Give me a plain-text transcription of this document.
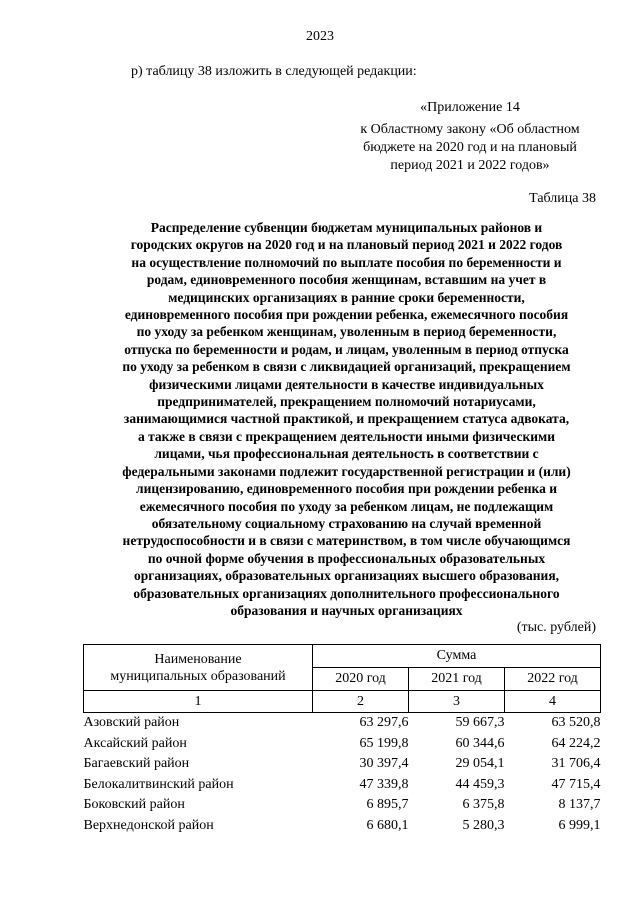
2023
р) таблицу 38 изложить в следующей редакции:
«Приложение 14
к Областному закону «Об областном
бюджете на 2020 год и на плановый
период 2021 и 2022 годов»
Таблица 38
Распределение субвенции бюджетам муниципальных районов и
городских округов на 2020 год и на плановый период 2021 и 2022 годов
на осуществление полномочий по выплате пособия по беременности и
родам, единовременного пособия женщинам, вставшим на учет в
медицинских организациях в ранние сроки беременности,
единовременного пособия при рождении ребенка, ежемесячного пособия
по уходу за ребенком женщинам, уволенным в период беременности,
отпуска по беременности и родам, и лицам, уволенным в период отпуска
по уходу за ребенком в связи с ликвидацией организаций, прекращением
физическими лицами деятельности в качестве индивидуальных
предпринимателей, прекращением полномочий нотариусами,
занимающимися частной практикой, и прекращением статуса адвоката,
а также в связи с прекращением деятельности иными физическими
лицами, чья профессиональная деятельность в соответствии с
федеральными законами подлежит государственной регистрации и (или)
лицензированию, единовременного пособия при рождении ребенка и
ежемесячного пособия по уходу за ребенком лицам, не подлежащим
обязательному социальному страхованию на случай временной
нетрудоспособности и в связи с материнством, в том числе обучающимся
по очной форме обучения в профессиональных образовательных
организациях, образовательных организациях высшего образования,
образовательных организациях дополнительного профессионального
образования и научных организациях
(тыс. рублей)
Наименование
муниципальных образований	Сумма		
	2020 год	2021 год	2022 год
1	2	3	4
Азовский район	63 297,6	59 667,3	63 520,8
Аксайский район	65 199,8	60 344,6	64 224,2
Багаевский район	30 397,4	29 054,1	31 706,4
Белокалитвинский район	47 339,8	44 459,3	47 715,4
Боковский район	6 895,7	6 375,8	8 137,7
Верхнедонской район	6 680,1	5 280,3	6 999,1
